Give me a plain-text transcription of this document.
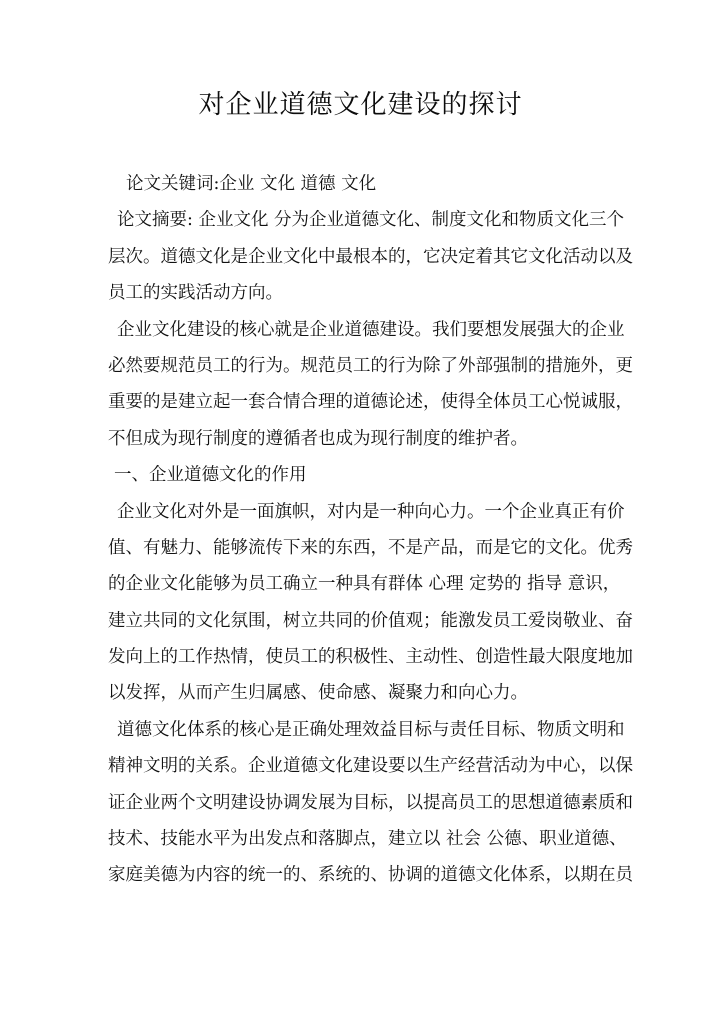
对企业道德文化建设的探讨
论文关键词:企业 文化 道德 文化
论文摘要: 企业文化 分为企业道德文化、制度文化和物质文化三个
层次。道德文化是企业文化中最根本的，它决定着其它文化活动以及
员工的实践活动方向。
企业文化建设的核心就是企业道德建设。我们要想发展强大的企业
必然要规范员工的行为。规范员工的行为除了外部强制的措施外，更
重要的是建立起一套合情合理的道德论述，使得全体员工心悦诚服，
不但成为现行制度的遵循者也成为现行制度的维护者。
一、企业道德文化的作用
企业文化对外是一面旗帜，对内是一种向心力。一个企业真正有价
值、有魅力、能够流传下来的东西，不是产品，而是它的文化。优秀
的企业文化能够为员工确立一种具有群体 心理 定势的 指导 意识，
建立共同的文化氛围，树立共同的价值观；能激发员工爱岗敬业、奋
发向上的工作热情，使员工的积极性、主动性、创造性最大限度地加
以发挥，从而产生归属感、使命感、凝聚力和向心力。
道德文化体系的核心是正确处理效益目标与责任目标、物质文明和
精神文明的关系。企业道德文化建设要以生产经营活动为中心，以保
证企业两个文明建设协调发展为目标，以提高员工的思想道德素质和
技术、技能水平为出发点和落脚点，建立以 社会 公德、职业道德、
家庭美德为内容的统一的、系统的、协调的道德文化体系，以期在员
